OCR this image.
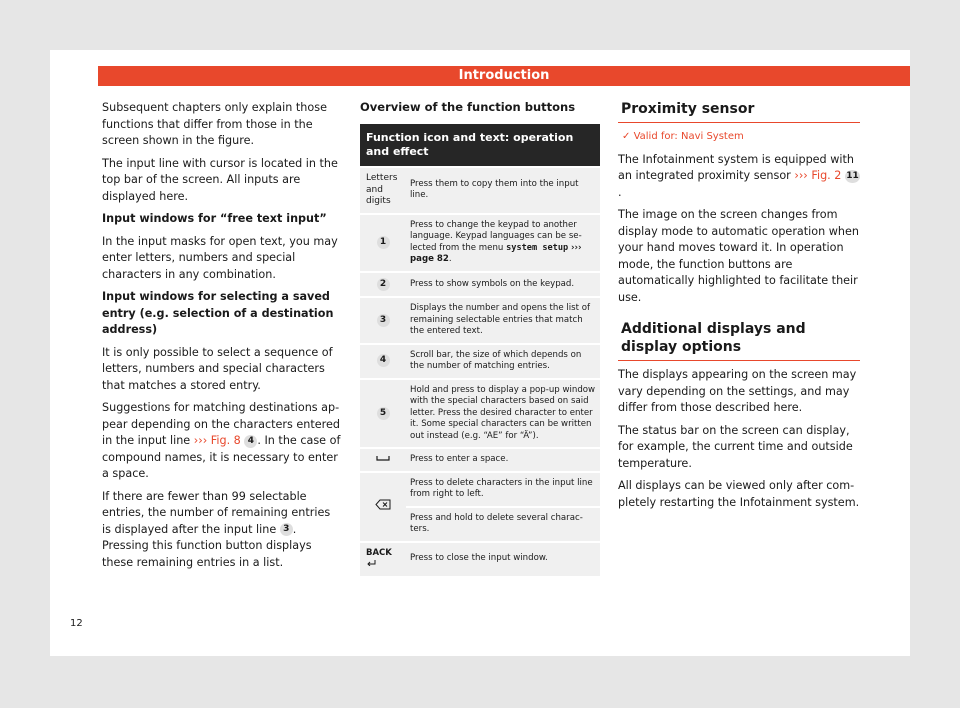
Introduction

Subsequent chapters only explain those functions that differ from those in the screen shown in the figure.

The input line with cursor is located in the top bar of the screen. All inputs are displayed here.

Input windows for “free text input”

In the input masks for open text, you may enter letters, numbers and special characters in any combination.

Input windows for selecting a saved entry (e.g. selection of a destination address)

It is only possible to select a sequence of letters, numbers and special characters that matches a stored entry.

Suggestions for matching destinations appear depending on the characters entered in the input line ››› Fig. 8 4 . In the case of compound names, it is necessary to enter a space.

If there are fewer than 99 selectable entries, the number of remaining entries is displayed after the input line 3 . Pressing this function button displays these remaining entries in a list.

Overview of the function buttons

Function icon and text: operation and effect	
Letters and digits	Press them to copy them into the input line.
1	Press to change the keypad to another language. Keypad languages can be selected from the menu system setup ››› page 82.
2	Press to show symbols on the keypad.
3	Displays the number and opens the list of remaining selectable entries that match the entered text.
4	Scroll bar, the size of which depends on the number of matching entries.
5	Hold and press to display a pop-up window with the special characters based on said letter. Press the desired character to enter it. Some special characters can be written out instead (e.g. “AE” for “Ä”).
	Press to enter a space.
	Press to delete characters in the input line from right to left.
	Press and hold to delete several characters.

BACK	Press to close the input window.
Proximity sensor
✓ Valid for: Navi System

The Infotainment system is equipped with an integrated proximity sensor ››› Fig. 2 11.

The image on the screen changes from display mode to automatic operation when your hand moves toward it. In operation mode, the function buttons are automatically highlighted to facilitate their use.

Additional displays and display options

The displays appearing on the screen may vary depending on the settings, and may differ from those described here.

The status bar on the screen can display, for example, the current time and outside temperature.

All displays can be viewed only after completely restarting the Infotainment system.

12
